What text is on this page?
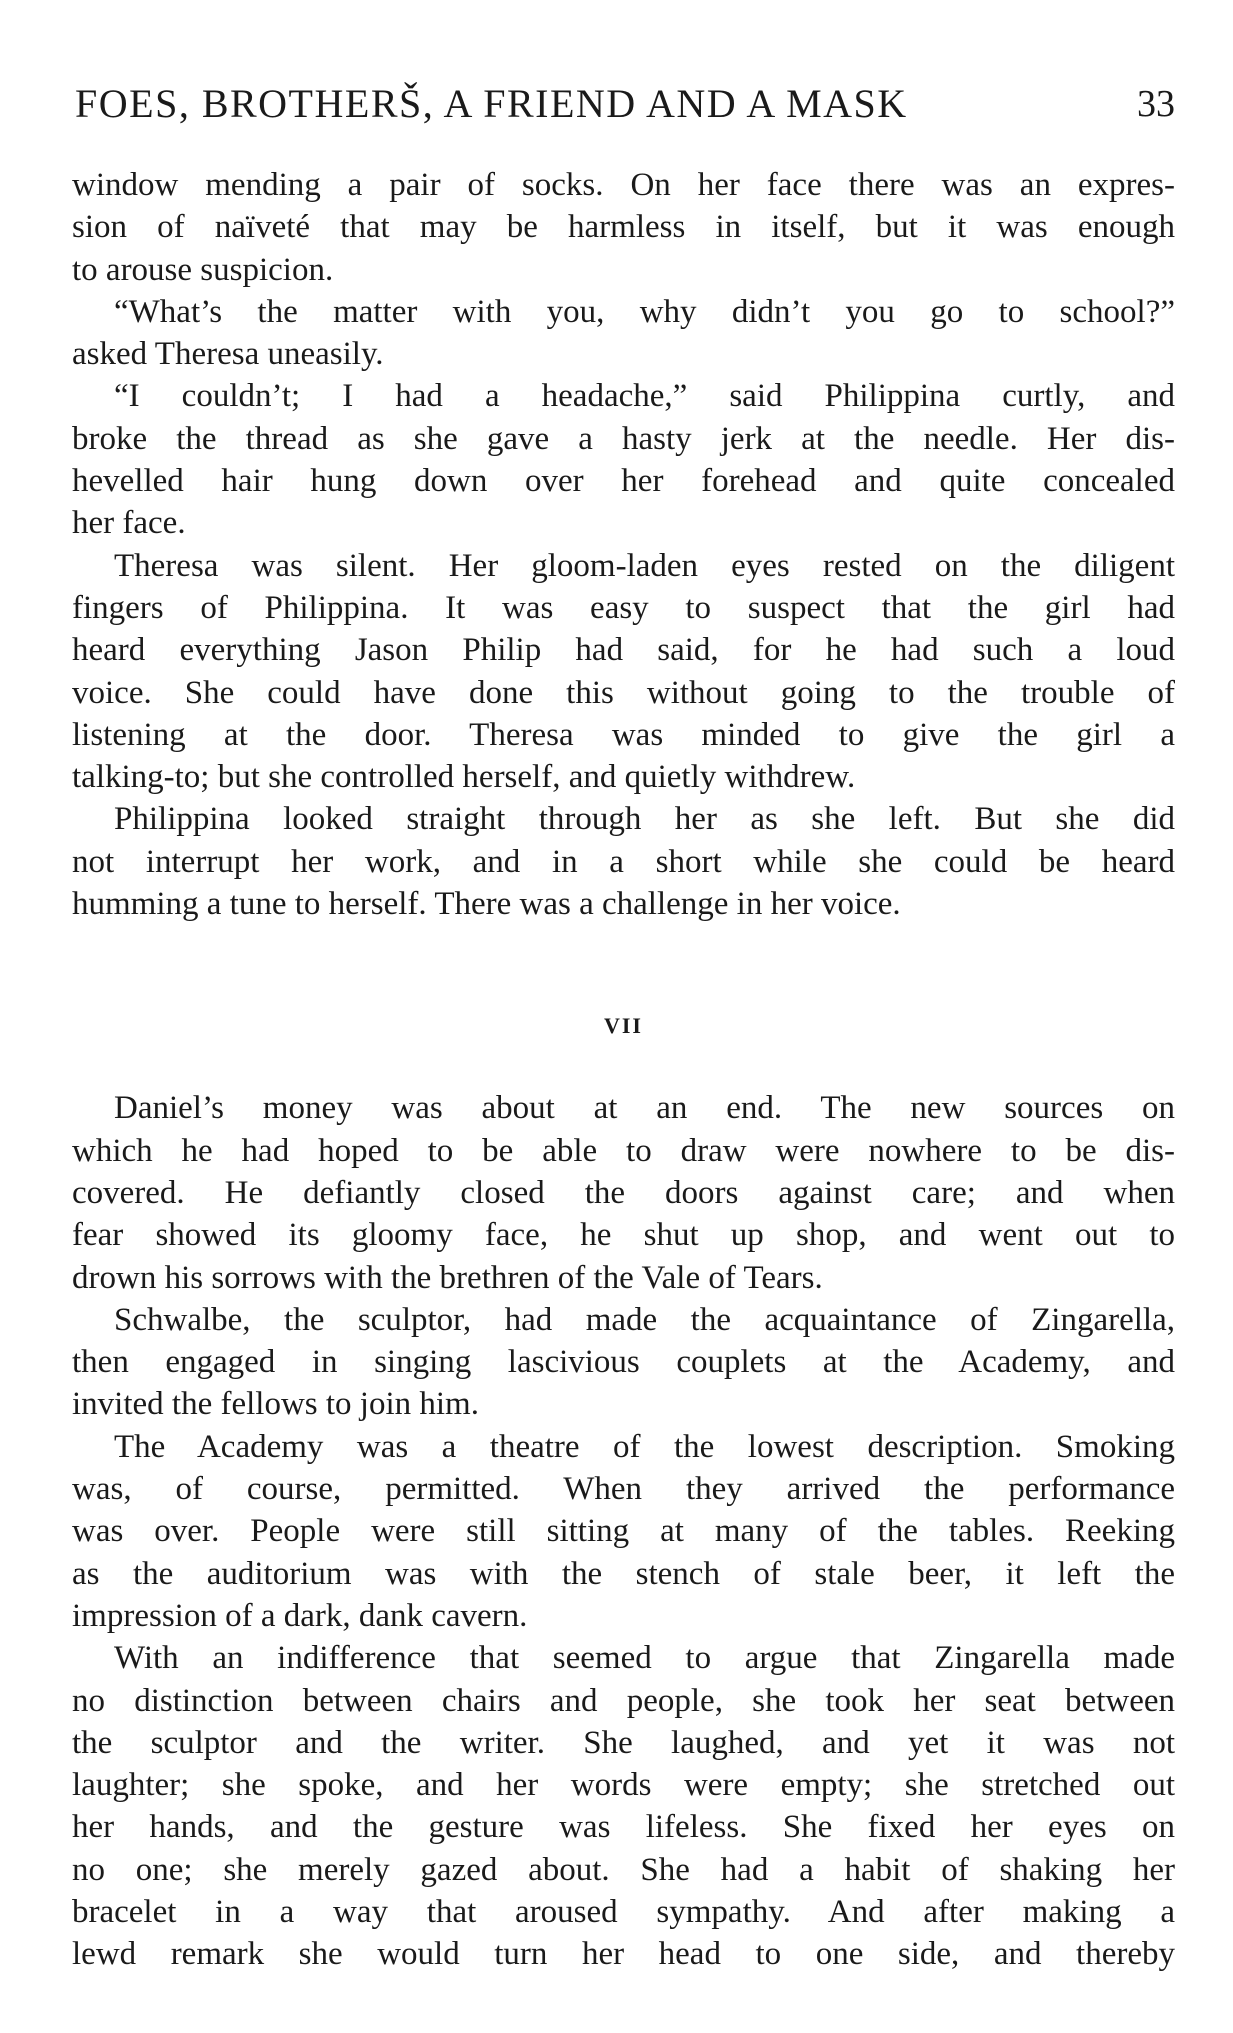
FOES, BROTHERŠ, A FRIEND AND A MASK	33
window mending a pair of socks. On her face there was an expres-
sion of naïveté that may be harmless in itself, but it was enough
to arouse suspicion.
“What’s the matter with you, why didn’t you go to school?”
asked Theresa uneasily.
“I couldn’t; I had a headache,” said Philippina curtly, and
broke the thread as she gave a hasty jerk at the needle. Her dis-
hevelled hair hung down over her forehead and quite concealed
her face.
Theresa was silent. Her gloom-laden eyes rested on the diligent
fingers of Philippina. It was easy to suspect that the girl had
heard everything Jason Philip had said, for he had such a loud
voice. She could have done this without going to the trouble of
listening at the door. Theresa was minded to give the girl a
talking-to; but she controlled herself, and quietly withdrew.
Philippina looked straight through her as she left. But she did
not interrupt her work, and in a short while she could be heard
humming a tune to herself. There was a challenge in her voice.
VII
Daniel’s money was about at an end. The new sources on
which he had hoped to be able to draw were nowhere to be dis-
covered. He defiantly closed the doors against care; and when
fear showed its gloomy face, he shut up shop, and went out to
drown his sorrows with the brethren of the Vale of Tears.
Schwalbe, the sculptor, had made the acquaintance of Zingarella,
then engaged in singing lascivious couplets at the Academy, and
invited the fellows to join him.
The Academy was a theatre of the lowest description. Smoking
was, of course, permitted. When they arrived the performance
was over. People were still sitting at many of the tables. Reeking
as the auditorium was with the stench of stale beer, it left the
impression of a dark, dank cavern.
With an indifference that seemed to argue that Zingarella made
no distinction between chairs and people, she took her seat between
the sculptor and the writer. She laughed, and yet it was not
laughter; she spoke, and her words were empty; she stretched out
her hands, and the gesture was lifeless. She fixed her eyes on
no one; she merely gazed about. She had a habit of shaking her
bracelet in a way that aroused sympathy. And after making a
lewd remark she would turn her head to one side, and thereby
